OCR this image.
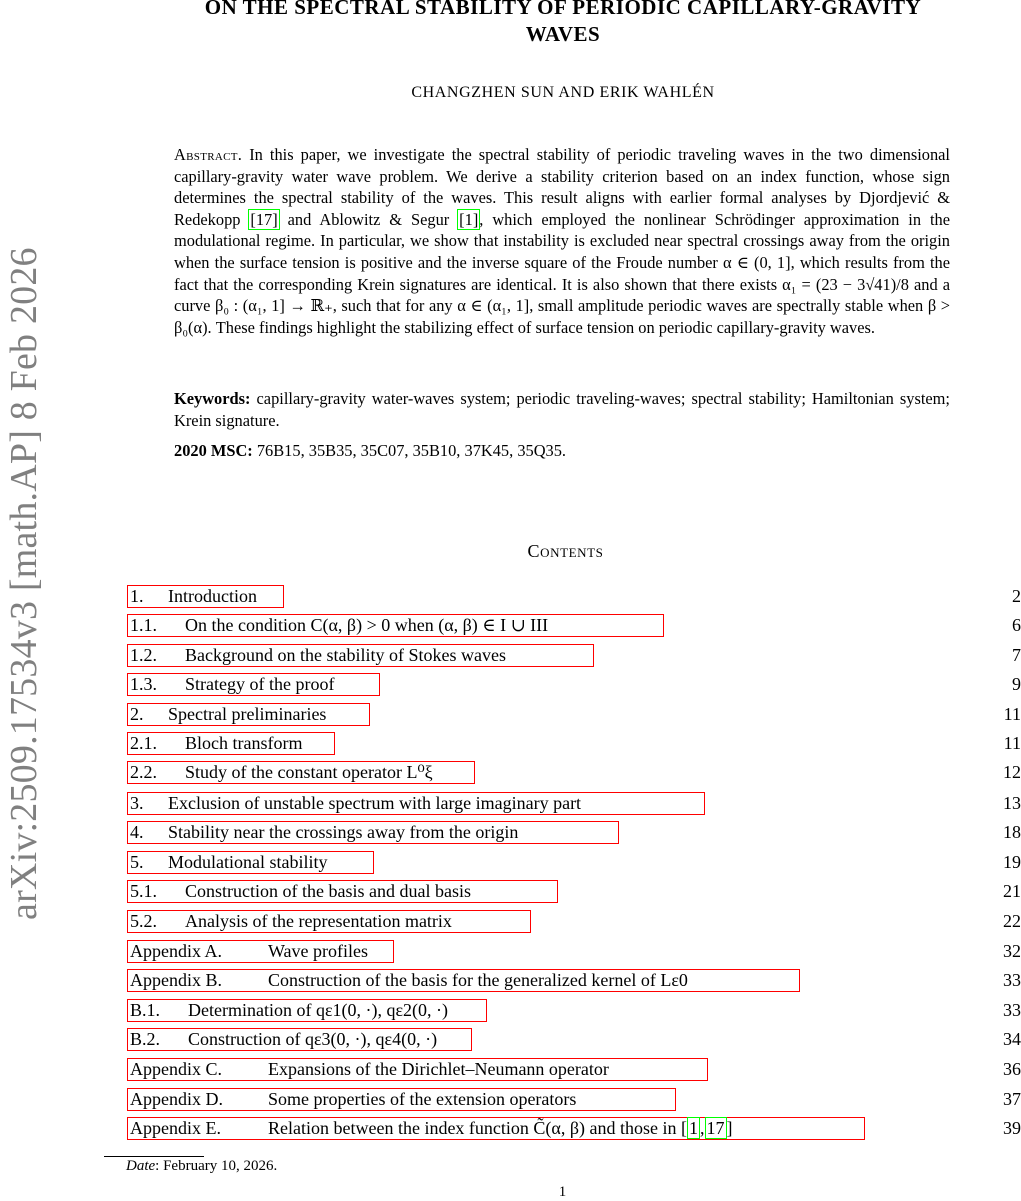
arXiv:2509.17534v3 [math.AP] 8 Feb 2026
ON THE SPECTRAL STABILITY OF PERIODIC CAPILLARY-GRAVITY
WAVES
CHANGZHEN SUN AND ERIK WAHLÉN

Abstract. In this paper, we investigate the spectral stability of periodic traveling waves in the two dimensional capillary-gravity water wave problem. We derive a stability criterion based on an index function, whose sign determines the spectral stability of the waves. This result aligns with earlier formal analyses by Djordjević & Redekopp [17] and Ablowitz & Segur [1], which employed the nonlinear Schrödinger approximation in the modulational regime. In particular, we show that instability is excluded near spectral crossings away from the origin when the surface tension is positive and the inverse square of the Froude number α ∈ (0, 1], which results from the fact that the corresponding Krein signatures are identical. It is also shown that there exists α₁ = (23 − 3√41)/8 and a curve β₀ : (α₁, 1] → ℝ₊, such that for any α ∈ (α₁, 1], small amplitude periodic waves are spectrally stable when β > β₀(α). These findings highlight the stabilizing effect of surface tension on periodic capillary-gravity waves.

Keywords: capillary-gravity water-waves system; periodic traveling-waves; spectral stability; Hamiltonian system; Krein signature.
2020 MSC: 76B15, 35B35, 35C07, 35B10, 37K45, 35Q35.
Contents
1. Introduction	2
1.1. On the condition C(α, β) > 0 when (α, β) ∈ I ∪ III	6
1.2. Background on the stability of Stokes waves	7
1.3. Strategy of the proof	9
2. Spectral preliminaries	11
2.1. Bloch transform	11
2.2. Study of the constant operator L⁰ξ	12
3. Exclusion of unstable spectrum with large imaginary part	13
4. Stability near the crossings away from the origin	18
5. Modulational stability	19
5.1. Construction of the basis and dual basis	21
5.2. Analysis of the representation matrix	22
Appendix A.	Wave profiles	32
Appendix B.	Construction of the basis for the generalized kernel of Lε0	33
B.1. Determination of qε1(0, ·), qε2(0, ·)	33
B.2. Construction of qε3(0, ·), qε4(0, ·)	34
Appendix C.	Expansions of the Dirichlet–Neumann operator	36
Appendix D.	Some properties of the extension operators	37
Appendix E.	Relation between the index function C̃(α, β) and those in [ 1 , 17 ]	39
Date: February 10, 2026.
1
